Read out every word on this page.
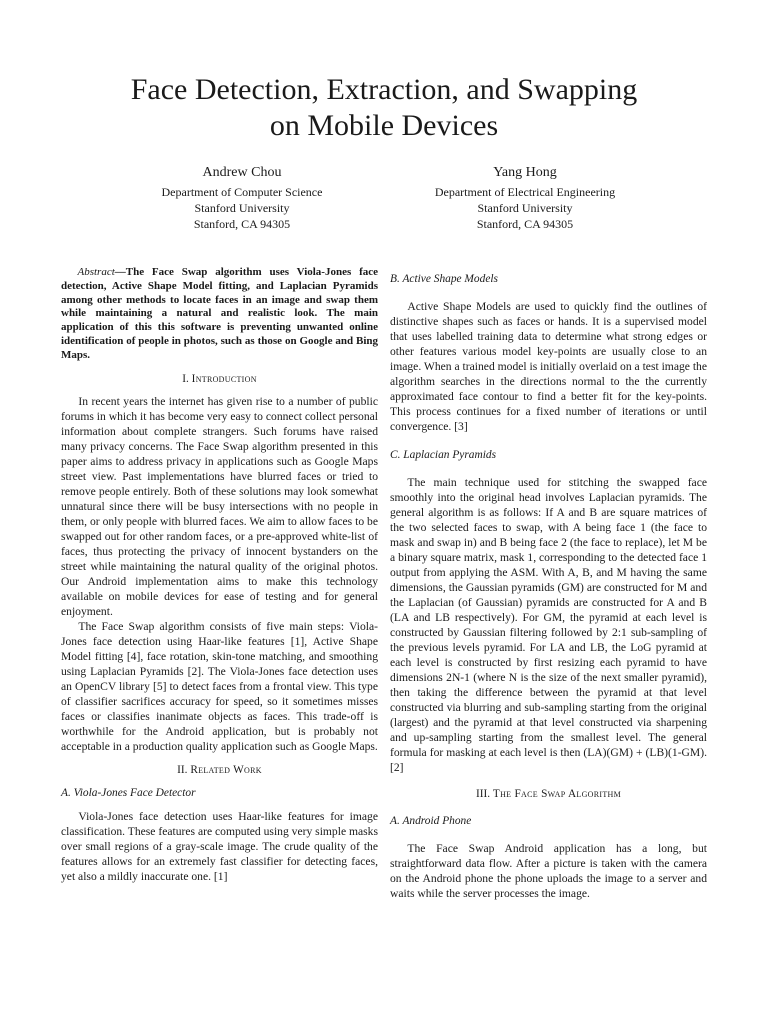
Face Detection, Extraction, and Swapping
on Mobile Devices
Andrew Chou
Department of Computer Science
Stanford University
Stanford, CA 94305
Yang Hong
Department of Electrical Engineering
Stanford University
Stanford, CA 94305

Abstract—The Face Swap algorithm uses Viola-Jones face detection, Active Shape Model fitting, and Laplacian Pyramids among other methods to locate faces in an image and swap them while maintaining a natural and realistic look. The main application of this this software is preventing unwanted online identification of people in photos, such as those on Google and Bing Maps.

I. Introduction

In recent years the internet has given rise to a number of public forums in which it has become very easy to connect collect personal information about complete strangers. Such forums have raised many privacy concerns. The Face Swap algorithm presented in this paper aims to address privacy in applications such as Google Maps street view. Past implementations have blurred faces or tried to remove people entirely. Both of these solutions may look somewhat unnatural since there will be busy intersections with no people in them, or only people with blurred faces. We aim to allow faces to be swapped out for other random faces, or a pre-approved white-list of faces, thus protecting the privacy of innocent bystanders on the street while maintaining the natural quality of the original photos. Our Android implementation aims to make this technology available on mobile devices for ease of testing and for general enjoyment.

The Face Swap algorithm consists of five main steps: Viola-Jones face detection using Haar-like features [1], Active Shape Model fitting [4], face rotation, skin-tone matching, and smoothing using Laplacian Pyramids [2]. The Viola-Jones face detection uses an OpenCV library [5] to detect faces from a frontal view. This type of classifier sacrifices accuracy for speed, so it sometimes misses faces or classifies inanimate objects as faces. This trade-off is worthwhile for the Android application, but is probably not acceptable in a production quality application such as Google Maps.

II. Related Work
A. Viola-Jones Face Detector

Viola-Jones face detection uses Haar-like features for image classification. These features are computed using very simple masks over small regions of a gray-scale image. The crude quality of the features allows for an extremely fast classifier for detecting faces, yet also a mildly inaccurate one. [1]

B. Active Shape Models

Active Shape Models are used to quickly find the outlines of distinctive shapes such as faces or hands. It is a supervised model that uses labelled training data to determine what strong edges or other features various model key-points are usually close to an image. When a trained model is initially overlaid on a test image the algorithm searches in the directions normal to the the currently approximated face contour to find a better fit for the key-points. This process continues for a fixed number of iterations or until convergence. [3]

C. Laplacian Pyramids

The main technique used for stitching the swapped face smoothly into the original head involves Laplacian pyramids. The general algorithm is as follows: If A and B are square matrices of the two selected faces to swap, with A being face 1 (the face to mask and swap in) and B being face 2 (the face to replace), let M be a binary square matrix, mask 1, corresponding to the detected face 1 output from applying the ASM. With A, B, and M having the same dimensions, the Gaussian pyramids (GM) are constructed for M and the Laplacian (of Gaussian) pyramids are constructed for A and B (LA and LB respectively). For GM, the pyramid at each level is constructed by Gaussian filtering followed by 2:1 sub-sampling of the previous levels pyramid. For LA and LB, the LoG pyramid at each level is constructed by first resizing each pyramid to have dimensions 2N-1 (where N is the size of the next smaller pyramid), then taking the difference between the pyramid at that level constructed via blurring and sub-sampling starting from the original (largest) and the pyramid at that level constructed via sharpening and up-sampling starting from the smallest level. The general formula for masking at each level is then (LA)(GM) + (LB)(1-GM). [2]

III. The Face Swap Algorithm
A. Android Phone

The Face Swap Android application has a long, but straightforward data flow. After a picture is taken with the camera on the Android phone the phone uploads the image to a server and waits while the server processes the image.
